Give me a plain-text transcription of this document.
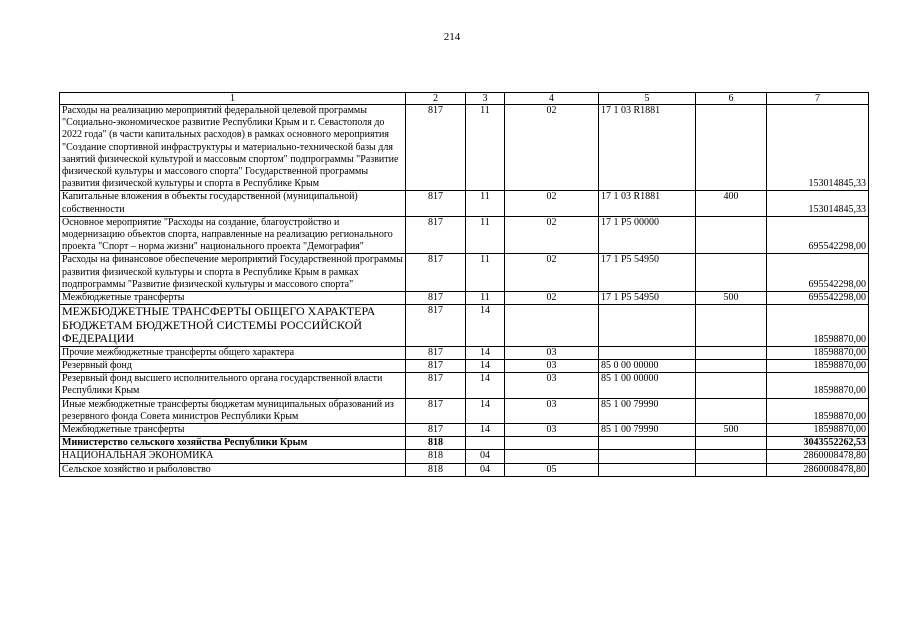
214
1	2	3	4	5	6	7
Расходы на реализацию мероприятий федеральной целевой программы "Социально-экономическое развитие Республики Крым и г. Севастополя до 2022 года" (в части капитальных расходов) в рамках основного мероприятия "Создание спортивной инфраструктуры и материально-технической базы для занятий физической культурой и массовым спортом" подпрограммы "Развитие физической культуры и массового спорта" Государственной программы развития физической культуры и спорта в Республике Крым	817	11	02	17 1 03 R1881		153014845,33
Капитальные вложения в объекты государственной (муниципальной) собственности	817	11	02	17 1 03 R1881	400	153014845,33
Основное мероприятие "Расходы на создание, благоустройство и модернизацию объектов спорта, направленные на реализацию регионального проекта "Спорт – норма жизни" национального проекта "Демография"	817	11	02	17 1 P5 00000		695542298,00
Расходы на финансовое обеспечение мероприятий Государственной программы развития физической культуры и спорта в Республике Крым в рамках подпрограммы "Развитие физической культуры и массового спорта"	817	11	02	17 1 P5 54950		695542298,00
Межбюджетные трансферты	817	11	02	17 1 P5 54950	500	695542298,00
МЕЖБЮДЖЕТНЫЕ ТРАНСФЕРТЫ ОБЩЕГО ХАРАКТЕРА БЮДЖЕТАМ БЮДЖЕТНОЙ СИСТЕМЫ РОССИЙСКОЙ ФЕДЕРАЦИИ	817	14				18598870,00
Прочие межбюджетные трансферты общего характера	817	14	03			18598870,00
Резервный фонд	817	14	03	85 0 00 00000		18598870,00
Резервный фонд высшего исполнительного органа государственной власти Республики Крым	817	14	03	85 1 00 00000		18598870,00
Иные межбюджетные трансферты бюджетам муниципальных образований из резервного фонда Совета министров Республики Крым	817	14	03	85 1 00 79990		18598870,00
Межбюджетные трансферты	817	14	03	85 1 00 79990	500	18598870,00
Министерство сельского хозяйства Республики Крым	818					3043552262,53
НАЦИОНАЛЬНАЯ ЭКОНОМИКА	818	04				2860008478,80
Сельское хозяйство и рыболовство	818	04	05			2860008478,80
